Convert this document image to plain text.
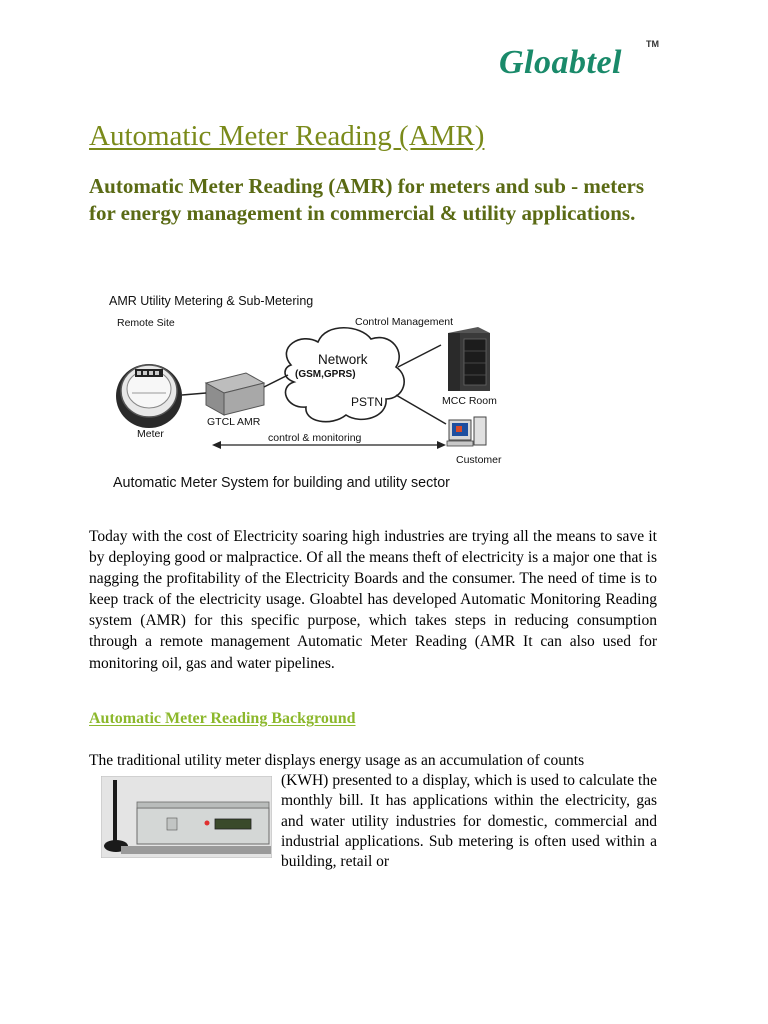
Gloabtel	TM
Automatic Meter Reading (AMR)
Automatic Meter Reading (AMR) for meters and sub - meters for energy management in commercial & utility applications.
AMR Utility Metering & Sub-Metering
Remote Site	Control Management
Meter
GTCL AMR
Network
(GSM,GPRS)
PSTN	MCC Room
Customer
control & monitoring
Automatic Meter System for building and utility sector

Today with the cost of Electricity soaring high industries are trying all the means to save it by deploying good or malpractice. Of all the means theft of electricity is a major one that is nagging the profitability of the Electricity Boards and the consumer. The need of time is to keep track of the electricity usage. Gloabtel has developed Automatic Monitoring Reading system (AMR) for this specific purpose, which takes steps in reducing consumption through a remote management Automatic Meter Reading (AMR It can also used for monitoring oil, gas and water pipelines.

Automatic Meter Reading Background

The traditional utility meter displays energy usage as an accumulation of counts

(KWH) presented to a display, which is used to calculate the monthly bill. It has applications within the electricity, gas and water utility industries for domestic, commercial and industrial applications. Sub metering is often used within a building, retail or
